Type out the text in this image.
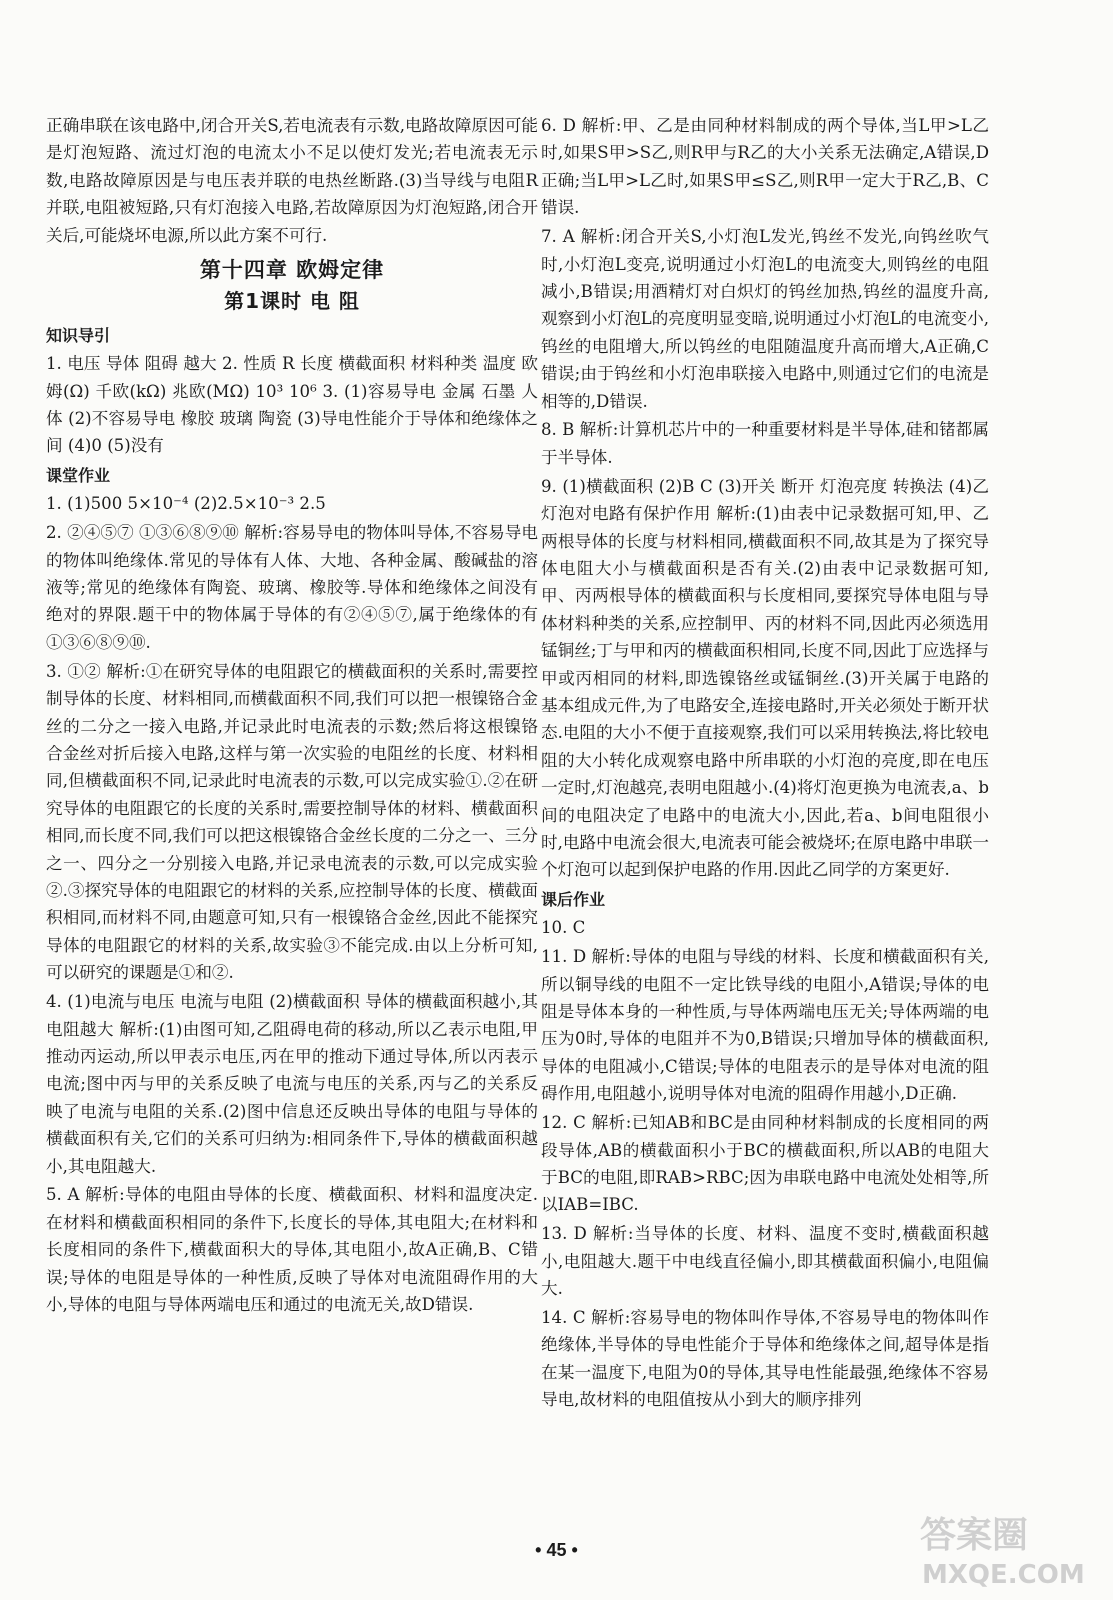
正确串联在该电路中,闭合开关S,若电流表有示数,电路故障原因可能是灯泡短路、流过灯泡的电流太小不足以使灯发光;若电流表无示数,电路故障原因是与电压表并联的电热丝断路.(3)当导线与电阻R并联,电阻被短路,只有灯泡接入电路,若故障原因为灯泡短路,闭合开关后,可能烧坏电源,所以此方案不可行.

第十四章 欧姆定律
第1课时 电 阻
知识导引

1. 电压 导体 阻碍 越大 2. 性质 R 长度 横截面积 材料种类 温度 欧姆(Ω) 千欧(kΩ) 兆欧(MΩ) 10³ 10⁶ 3. (1)容易导电 金属 石墨 人体 (2)不容易导电 橡胶 玻璃 陶瓷 (3)导电性能介于导体和绝缘体之间 (4)0 (5)没有

课堂作业

1. (1)500 5×10⁻⁴ (2)2.5×10⁻³ 2.5

2. ②④⑤⑦ ①③⑥⑧⑨⑩ 解析:容易导电的物体叫导体,不容易导电的物体叫绝缘体.常见的导体有人体、大地、各种金属、酸碱盐的溶液等;常见的绝缘体有陶瓷、玻璃、橡胶等.导体和绝缘体之间没有绝对的界限.题干中的物体属于导体的有②④⑤⑦,属于绝缘体的有①③⑥⑧⑨⑩.

3. ①② 解析:①在研究导体的电阻跟它的横截面积的关系时,需要控制导体的长度、材料相同,而横截面积不同,我们可以把一根镍铬合金丝的二分之一接入电路,并记录此时电流表的示数;然后将这根镍铬合金丝对折后接入电路,这样与第一次实验的电阻丝的长度、材料相同,但横截面积不同,记录此时电流表的示数,可以完成实验①.②在研究导体的电阻跟它的长度的关系时,需要控制导体的材料、横截面积相同,而长度不同,我们可以把这根镍铬合金丝长度的二分之一、三分之一、四分之一分别接入电路,并记录电流表的示数,可以完成实验②.③探究导体的电阻跟它的材料的关系,应控制导体的长度、横截面积相同,而材料不同,由题意可知,只有一根镍铬合金丝,因此不能探究导体的电阻跟它的材料的关系,故实验③不能完成.由以上分析可知,可以研究的课题是①和②.

4. (1)电流与电压 电流与电阻 (2)横截面积 导体的横截面积越小,其电阻越大 解析:(1)由图可知,乙阻碍电荷的移动,所以乙表示电阻,甲推动丙运动,所以甲表示电压,丙在甲的推动下通过导体,所以丙表示电流;图中丙与甲的关系反映了电流与电压的关系,丙与乙的关系反映了电流与电阻的关系.(2)图中信息还反映出导体的电阻与导体的横截面积有关,它们的关系可归纳为:相同条件下,导体的横截面积越小,其电阻越大.

5. A 解析:导体的电阻由导体的长度、横截面积、材料和温度决定.在材料和横截面积相同的条件下,长度长的导体,其电阻大;在材料和长度相同的条件下,横截面积大的导体,其电阻小,故A正确,B、C错误;导体的电阻是导体的一种性质,反映了导体对电流阻碍作用的大小,导体的电阻与导体两端电压和通过的电流无关,故D错误.

6. D 解析:甲、乙是由同种材料制成的两个导体,当L甲>L乙时,如果S甲>S乙,则R甲与R乙的大小关系无法确定,A错误,D正确;当L甲>L乙时,如果S甲≤S乙,则R甲一定大于R乙,B、C错误.

7. A 解析:闭合开关S,小灯泡L发光,钨丝不发光,向钨丝吹气时,小灯泡L变亮,说明通过小灯泡L的电流变大,则钨丝的电阻减小,B错误;用酒精灯对白炽灯的钨丝加热,钨丝的温度升高,观察到小灯泡L的亮度明显变暗,说明通过小灯泡L的电流变小,钨丝的电阻增大,所以钨丝的电阻随温度升高而增大,A正确,C错误;由于钨丝和小灯泡串联接入电路中,则通过它们的电流是相等的,D错误.

8. B 解析:计算机芯片中的一种重要材料是半导体,硅和锗都属于半导体.

9. (1)横截面积 (2)B C (3)开关 断开 灯泡亮度 转换法 (4)乙 灯泡对电路有保护作用 解析:(1)由表中记录数据可知,甲、乙两根导体的长度与材料相同,横截面积不同,故其是为了探究导体电阻大小与横截面积是否有关.(2)由表中记录数据可知,甲、丙两根导体的横截面积与长度相同,要探究导体电阻与导体材料种类的关系,应控制甲、丙的材料不同,因此丙必须选用锰铜丝;丁与甲和丙的横截面积相同,长度不同,因此丁应选择与甲或丙相同的材料,即选镍铬丝或锰铜丝.(3)开关属于电路的基本组成元件,为了电路安全,连接电路时,开关必须处于断开状态.电阻的大小不便于直接观察,我们可以采用转换法,将比较电阻的大小转化成观察电路中所串联的小灯泡的亮度,即在电压一定时,灯泡越亮,表明电阻越小.(4)将灯泡更换为电流表,a、b间的电阻决定了电路中的电流大小,因此,若a、b间电阻很小时,电路中电流会很大,电流表可能会被烧坏;在原电路中串联一个灯泡可以起到保护电路的作用.因此乙同学的方案更好.

课后作业

10. C

11. D 解析:导体的电阻与导线的材料、长度和横截面积有关,所以铜导线的电阻不一定比铁导线的电阻小,A错误;导体的电阻是导体本身的一种性质,与导体两端电压无关;导体两端的电压为0时,导体的电阻并不为0,B错误;只增加导体的横截面积,导体的电阻减小,C错误;导体的电阻表示的是导体对电流的阻碍作用,电阻越小,说明导体对电流的阻碍作用越小,D正确.

12. C 解析:已知AB和BC是由同种材料制成的长度相同的两段导体,AB的横截面积小于BC的横截面积,所以AB的电阻大于BC的电阻,即RAB>RBC;因为串联电路中电流处处相等,所以IAB=IBC.

13. D 解析:当导体的长度、材料、温度不变时,横截面积越小,电阻越大.题干中电线直径偏小,即其横截面积偏小,电阻偏大.

14. C 解析:容易导电的物体叫作导体,不容易导电的物体叫作绝缘体,半导体的导电性能介于导体和绝缘体之间,超导体是指在某一温度下,电阻为0的导体,其导电性能最强,绝缘体不容易导电,故材料的电阻值按从小到大的顺序排列

• 45 •	答案圈
MXQE.COM
